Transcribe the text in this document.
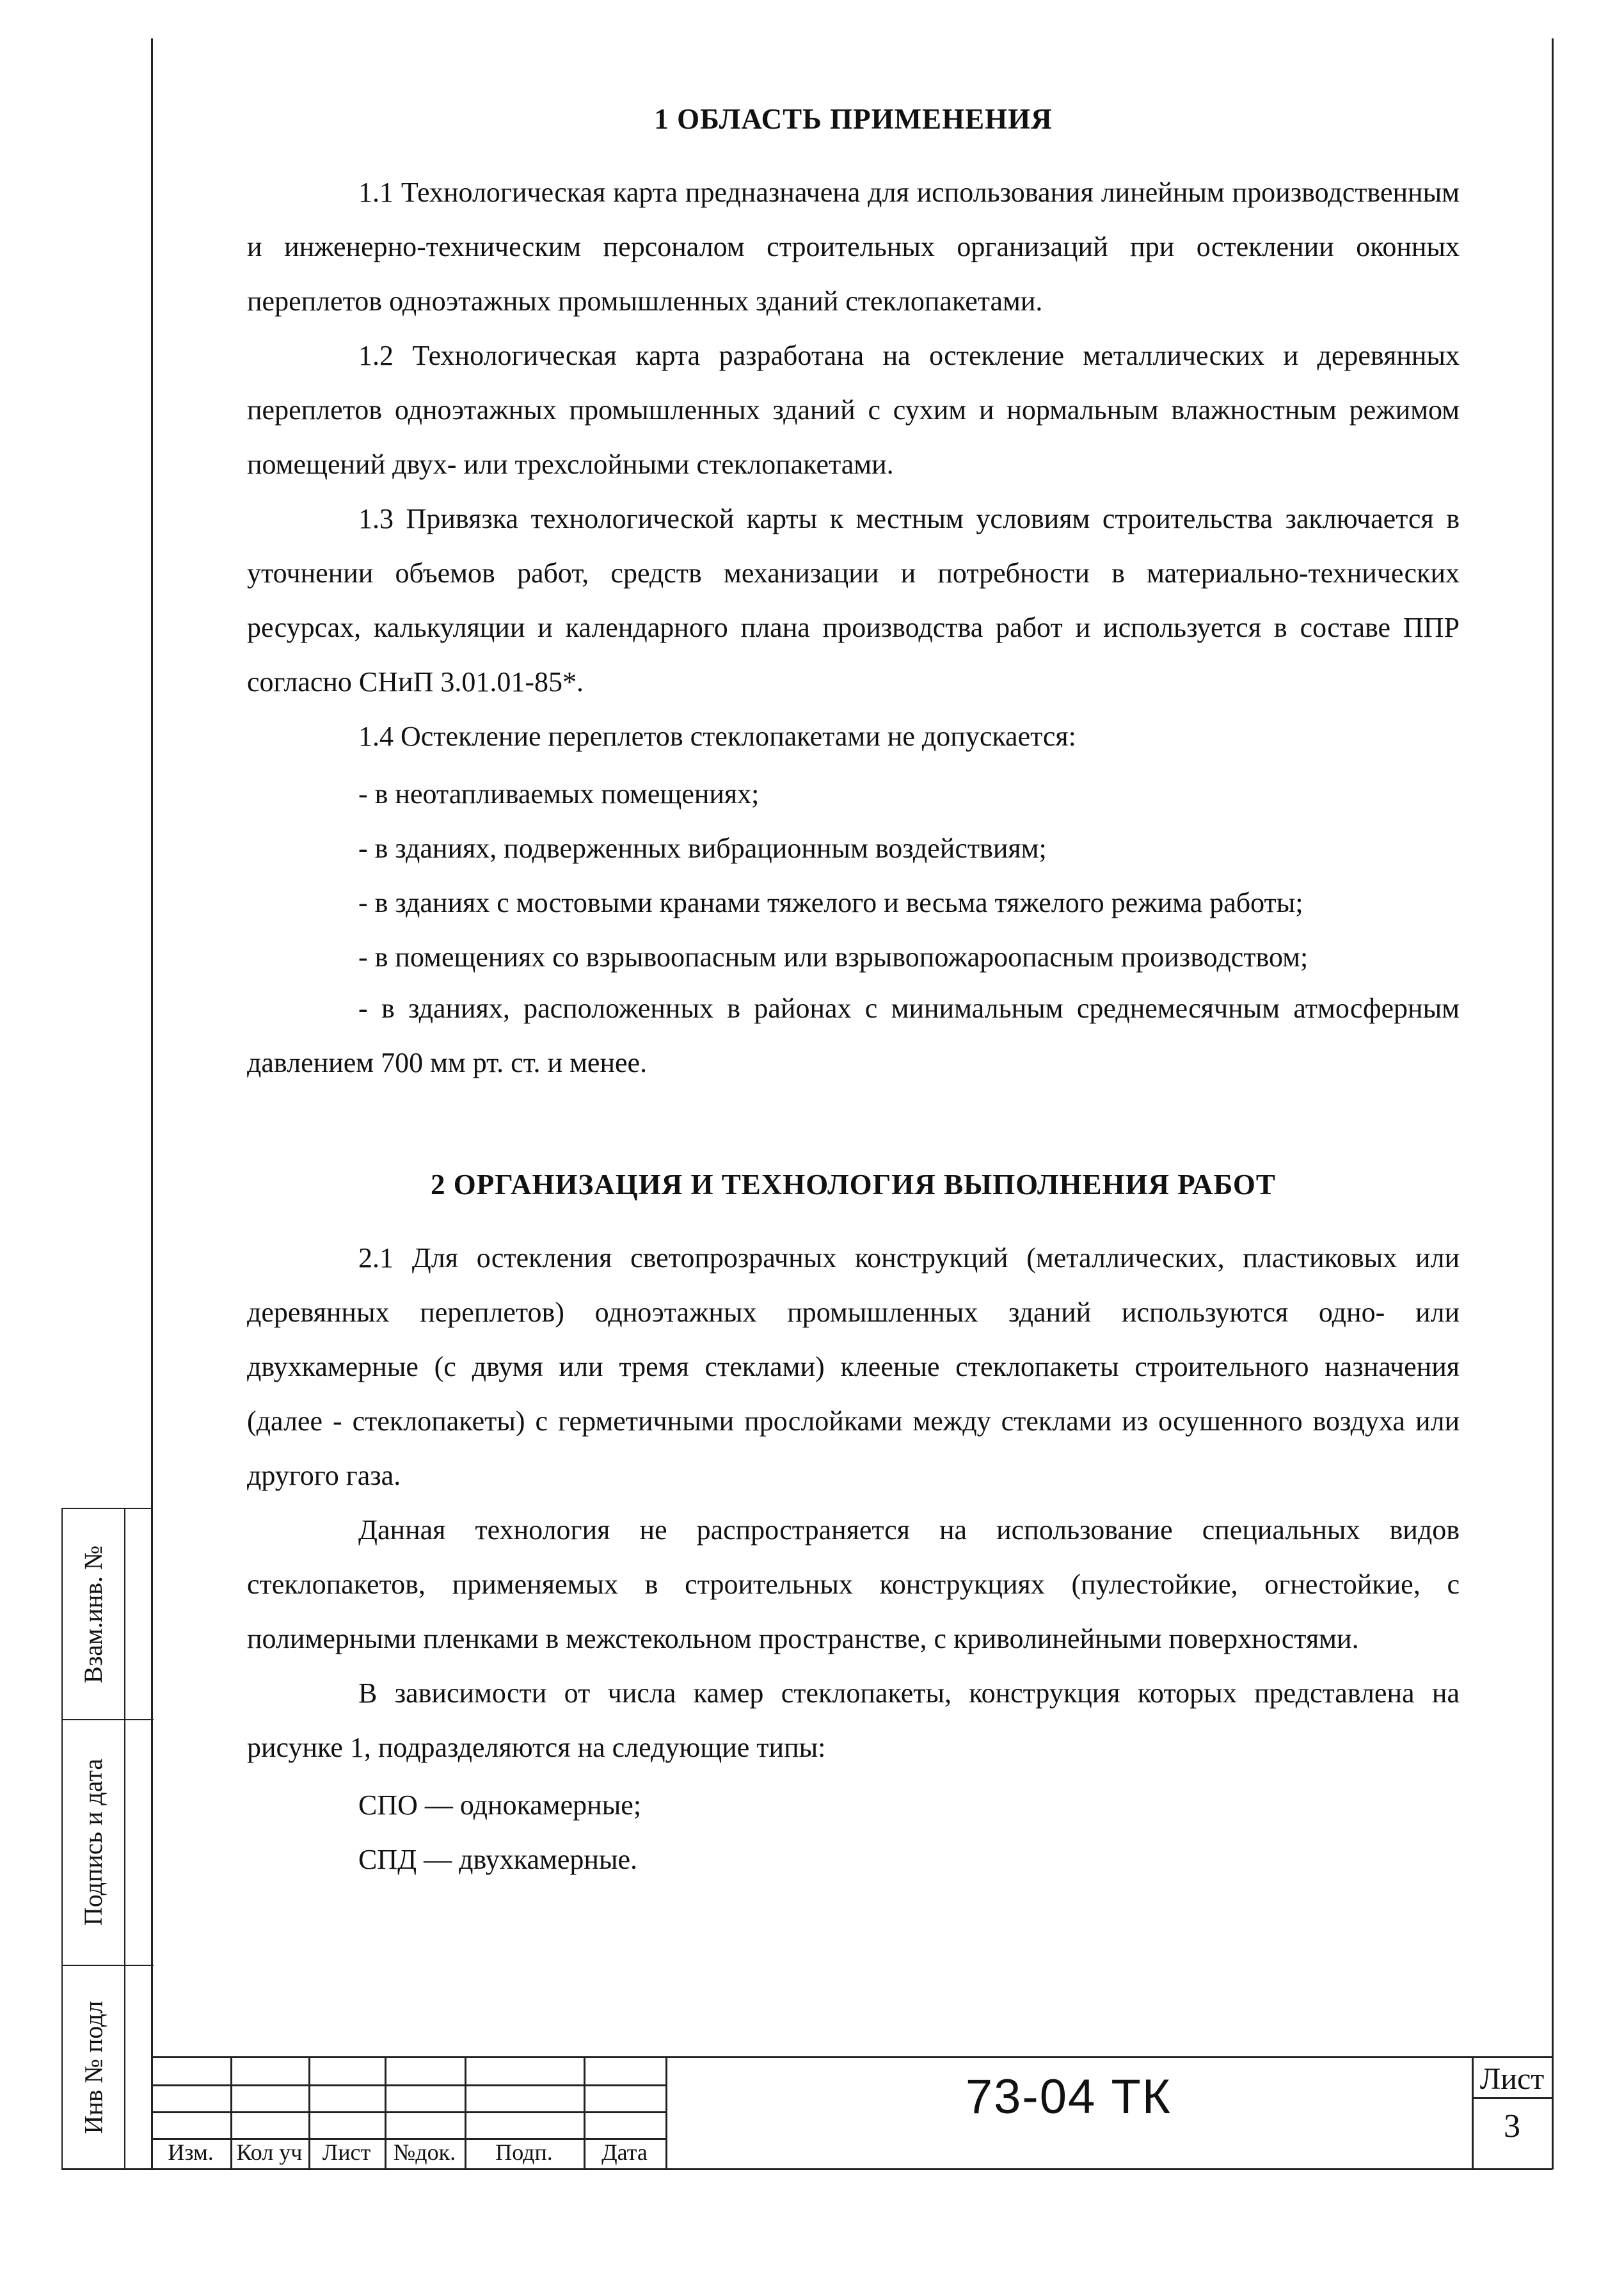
Взам.инв. №
Подпись и дата
Инв № подл
1 ОБЛАСТЬ ПРИМЕНЕНИЯ

1.1 Технологическая карта предназначена для использования линейным производственным и инженерно-техническим персоналом строительных организаций при остеклении оконных переплетов одноэтажных промышленных зданий стеклопакетами.

1.2 Технологическая карта разработана на остекление металлических и деревянных переплетов одноэтажных промышленных зданий с сухим и нормальным влажностным режимом помещений двух- или трехслойными стеклопакетами.

1.3 Привязка технологической карты к местным условиям строительства заключается в уточнении объемов работ, средств механизации и потребности в материально-технических ресурсах, калькуляции и календарного плана производства работ и используется в составе ППР согласно СНиП 3.01.01-85*.

1.4 Остекление переплетов стеклопакетами не допускается:

- в неотапливаемых помещениях;

- в зданиях, подверженных вибрационным воздействиям;

- в зданиях с мостовыми кранами тяжелого и весьма тяжелого режима работы;

- в помещениях со взрывоопасным или взрывопожароопасным производством;

- в зданиях, расположенных в районах с минимальным среднемесячным атмосферным давлением 700 мм рт. ст. и менее.

2 ОРГАНИЗАЦИЯ И ТЕХНОЛОГИЯ ВЫПОЛНЕНИЯ РАБОТ

2.1 Для остекления светопрозрачных конструкций (металлических, пластиковых или деревянных переплетов) одноэтажных промышленных зданий используются одно- или двухкамерные (с двумя или тремя стеклами) клееные стеклопакеты строительного назначения (далее - стеклопакеты) с герметичными прослойками между стеклами из осушенного воздуха или другого газа.

Данная технология не распространяется на использование специальных видов стеклопакетов, применяемых в строительных конструкциях (пулестойкие, огнестойкие, с полимерными пленками в межстекольном пространстве, с криволинейными поверхностями.

В зависимости от числа камер стеклопакеты, конструкция которых представлена на рисунке 1, подразделяются на следующие типы:

СПО — однокамерные;

СПД — двухкамерные.

Изм. Кол уч Лист №док.	Подп.	Дата
73-04 ТК	Лист
3
